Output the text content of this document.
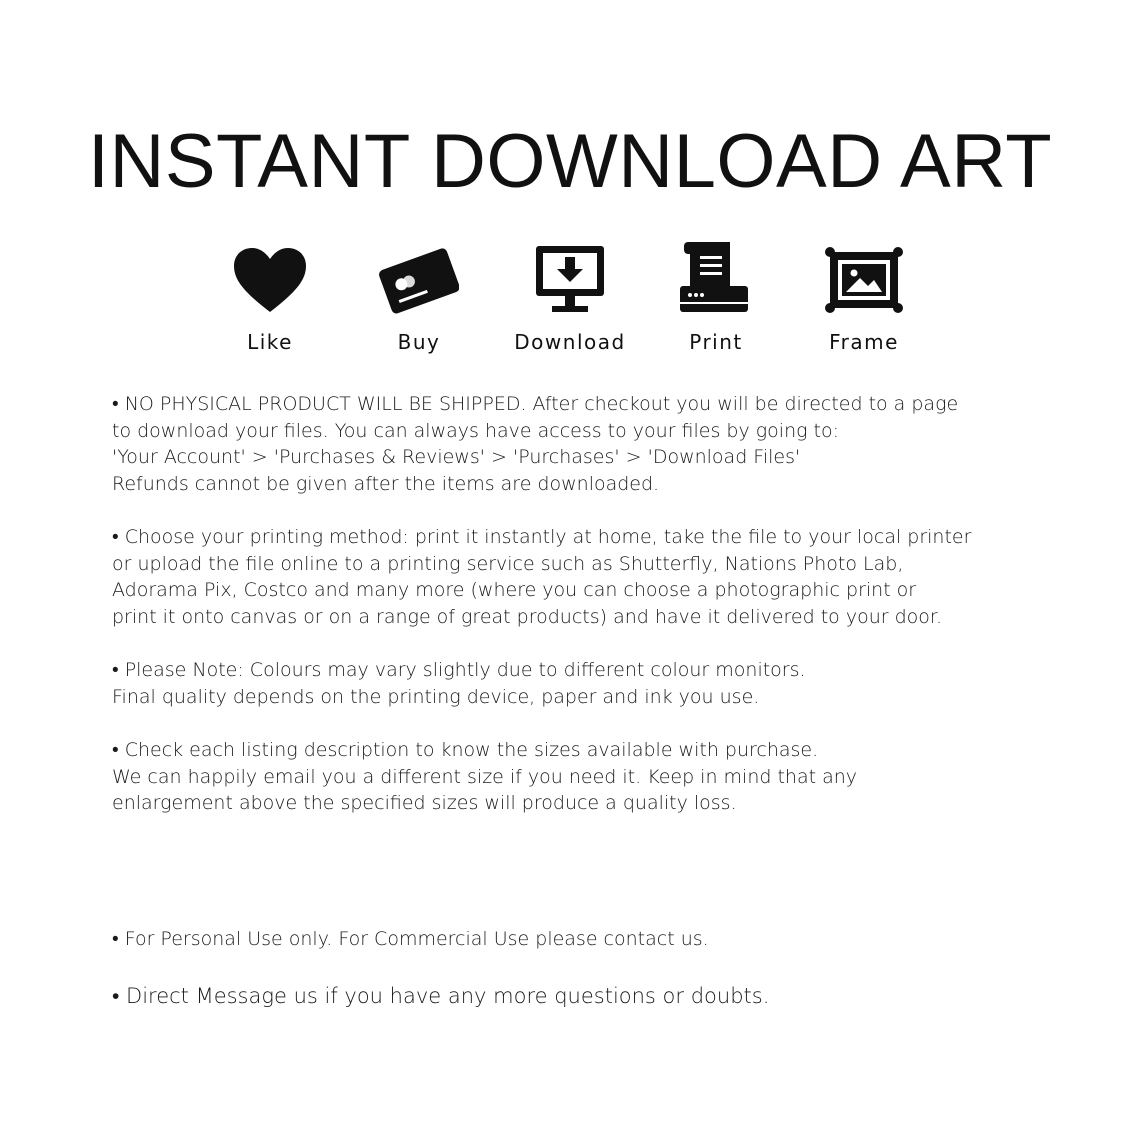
INSTANT DOWNLOAD ART
Like	Buy	Download	Print	Frame
• NO PHYSICAL PRODUCT WILL BE SHIPPED. After checkout you will be directed to a page
to download your files. You can always have access to your files by going to:
'Your Account' > 'Purchases & Reviews' > 'Purchases' > 'Download Files'
Refunds cannot be given after the items are downloaded.
• Choose your printing method: print it instantly at home, take the file to your local printer
or upload the file online to a printing service such as Shutterfly, Nations Photo Lab,
Adorama Pix, Costco and many more (where you can choose a photographic print or
print it onto canvas or on a range of great products) and have it delivered to your door.
• Please Note: Colours may vary slightly due to different colour monitors.
Final quality depends on the printing device, paper and ink you use.
• Check each listing description to know the sizes available with purchase.
We can happily email you a different size if you need it. Keep in mind that any
enlargement above the specified sizes will produce a quality loss.
• For Personal Use only. For Commercial Use please contact us.
• Direct Message us if you have any more questions or doubts.
